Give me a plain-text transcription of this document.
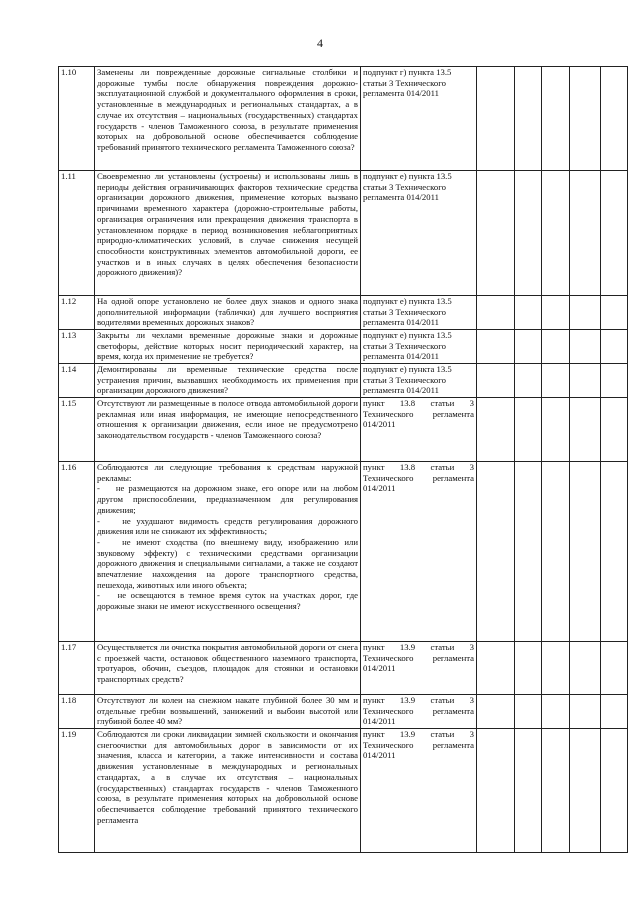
4
1.10	Заменены ли поврежденные дорожные сигнальные столбики и дорожные тумбы после обнаружения повреждения дорожно-эксплуатационной службой и документального оформления в сроки, установленные в международных и региональных стандартах, а в случае их отсутствия – национальных (государственных) стандартах государств - членов Таможенного союза, в результате применения которых на добровольной основе обеспечивается соблюдение требований принятого технического регламента Таможенного союза?	подпункт г) пункта 13.5 статьи 3 Технического регламента 014/2011					
1.11	Своевременно ли установлены (устроены) и использованы лишь в периоды действия ограничивающих факторов технические средства организации дорожного движения, применение которых вызвано причинами временного характера (дорожно-строительные работы, организация ограничения или прекращения движения транспорта в установленном порядке в период возникновения неблагоприятных природно-климатических условий, в случае снижения несущей способности конструктивных элементов автомобильной дороги, ее участков и в иных случаях в целях обеспечения безопасности дорожного движения)?	подпункт е) пункта 13.5 статьи 3 Технического регламента 014/2011					
1.12	На одной опоре установлено не более двух знаков и одного знака дополнительной информации (таблички) для лучшего восприятия водителями временных дорожных знаков?	подпункт е) пункта 13.5 статьи 3 Технического регламента 014/2011					
1.13	Закрыты ли чехлами временные дорожные знаки и дорожные светофоры, действие которых носит периодический характер, на время, когда их применение не требуется?	подпункт е) пункта 13.5 статьи 3 Технического регламента 014/2011					
1.14	Демонтированы ли временные технические средства после устранения причин, вызвавших необходимость их применения при организации дорожного движения?	подпункт е) пункта 13.5 статьи 3 Технического регламента 014/2011					
1.15	Отсутствуют ли размещенные в полосе отвода автомобильной дороги рекламная или иная информация, не имеющие непосредственного отношения к организации движения, если иное не предусмотрено законодательством государств - членов Таможенного союза?	пункт 13.8 статьи 3 Технического регламента 014/2011					
1.16	Соблюдаются ли следующие требования к средствам наружной рекламы:
-    не размещаются на дорожном знаке, его опоре или на любом другом приспособлении, предназначенном для регулирования движения;
-    не ухудшают видимость средств регулирования дорожного движения или не снижают их эффективность;
-    не имеют сходства (по внешнему виду, изображению или звуковому эффекту) с техническими средствами организации дорожного движения и специальными сигналами, а также не создают впечатление нахождения на дороге транспортного средства, пешехода, животных или иного объекта;
-    не освещаются в темное время суток на участках дорог, где дорожные знаки не имеют искусственного освещения?	пункт 13.8 статьи 3 Технического регламента 014/2011					
1.17	Осуществляется ли очистка покрытия автомобильной дороги от снега с проезжей части, остановок общественного наземного транспорта, тротуаров, обочин, съездов, площадок для стоянки и остановки транспортных средств?	пункт 13.9 статьи 3 Технического регламента 014/2011					
1.18	Отсутствуют ли колеи на снежном накате глубиной более 30 мм и отдельные гребни возвышений, занижений и выбоин высотой или глубиной более 40 мм?	пункт 13.9 статьи 3 Технического регламента 014/2011					
1.19	Соблюдаются ли сроки ликвидации зимней скользкости и окончания снегоочистки для автомобильных дорог в зависимости от их значения, класса и категории, а также интенсивности и состава движения установленные в международных и региональных стандартах, а в случае их отсутствия – национальных (государственных) стандартах государств - членов Таможенного союза, в результате применения которых на добровольной основе обеспечивается соблюдение требований принятого технического регламента	пункт 13.9 статьи 3 Технического регламента 014/2011					
